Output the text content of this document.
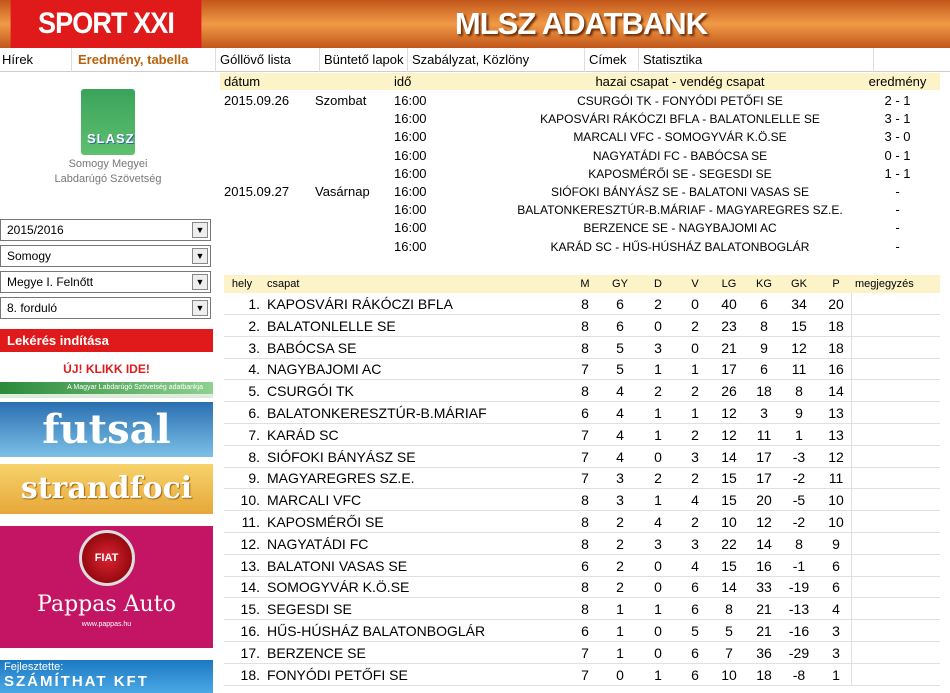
SPORT XXI	MLSZ ADATBANK
Hírek	Eredmény, tabella	Góllövő lista	Büntető lapok Szabályzat, Közlöny	Címek	Statisztika
SLASZ
Somogy Megyei
Labdarúgó Szövetség
2015/2016	▼
Somogy	▼
Megye I. Felnőtt	▼
8. forduló	▼
Lekérés indítása
ÚJ! KLIKK IDE!
A Magyar Labdarúgó Szövetség adatbankja
futsal
strandfoci
FIAT
Pappas Auto
www.pappas.hu
Fejlesztette:
SZÁMÍTHAT KFT
dátum	idő	hazai csapat - vendég csapat	eredmény
2015.09.26 Szombat 16:00	CSURGÓI TK - FONYÓDI PETŐFI SE	2 - 1
16:00	KAPOSVÁRI RÁKÓCZI BFLA - BALATONLELLE SE	3 - 1
16:00	MARCALI VFC - SOMOGYVÁR K.Ö.SE	3 - 0
16:00	NAGYATÁDI FC - BABÓCSA SE	0 - 1
16:00	KAPOSMÉRŐI SE - SEGESDI SE	1 - 1
2015.09.27 Vasárnap 16:00	SIÓFOKI BÁNYÁSZ SE - BALATONI VASAS SE	-
16:00	BALATONKERESZTÚR-B.MÁRIAF - MAGYAREGRES SZ.E.	-
16:00	BERZENCE SE - NAGYBAJOMI AC	-
16:00	KARÁD SC - HŰS-HÚSHÁZ BALATONBOGLÁR	-
hely	csapat	M	GY	D	V	LG	KG	GK	P	megjegyzés
1. KAPOSVÁRI RÁKÓCZI BFLA	8	6	2	0	40	6	34	20
2. BALATONLELLE SE	8	6	0	2	23	8	15	18
3. BABÓCSA SE	8	5	3	0	21	9	12	18
4. NAGYBAJOMI AC	7	5	1	1	17	6	11	16
5. CSURGÓI TK	8	4	2	2	26	18	8	14
6. BALATONKERESZTÚR-B.MÁRIAF	6	4	1	1	12	3	9	13
7. KARÁD SC	7	4	1	2	12	11	1	13
8. SIÓFOKI BÁNYÁSZ SE	7	4	0	3	14	17	-3	12
9. MAGYAREGRES SZ.E.	7	3	2	2	15	17	-2	11
10. MARCALI VFC	8	3	1	4	15	20	-5	10
11. KAPOSMÉRŐI SE	8	2	4	2	10	12	-2	10
12. NAGYATÁDI FC	8	2	3	3	22	14	8	9
13. BALATONI VASAS SE	6	2	0	4	15	16	-1	6
14. SOMOGYVÁR K.Ö.SE	8	2	0	6	14	33	-19	6
15. SEGESDI SE	8	1	1	6	8	21	-13	4
16. HŰS-HÚSHÁZ BALATONBOGLÁR	6	1	0	5	5	21	-16	3
17. BERZENCE SE	7	1	0	6	7	36	-29	3
18. FONYÓDI PETŐFI SE	7	0	1	6	10	18	-8	1
